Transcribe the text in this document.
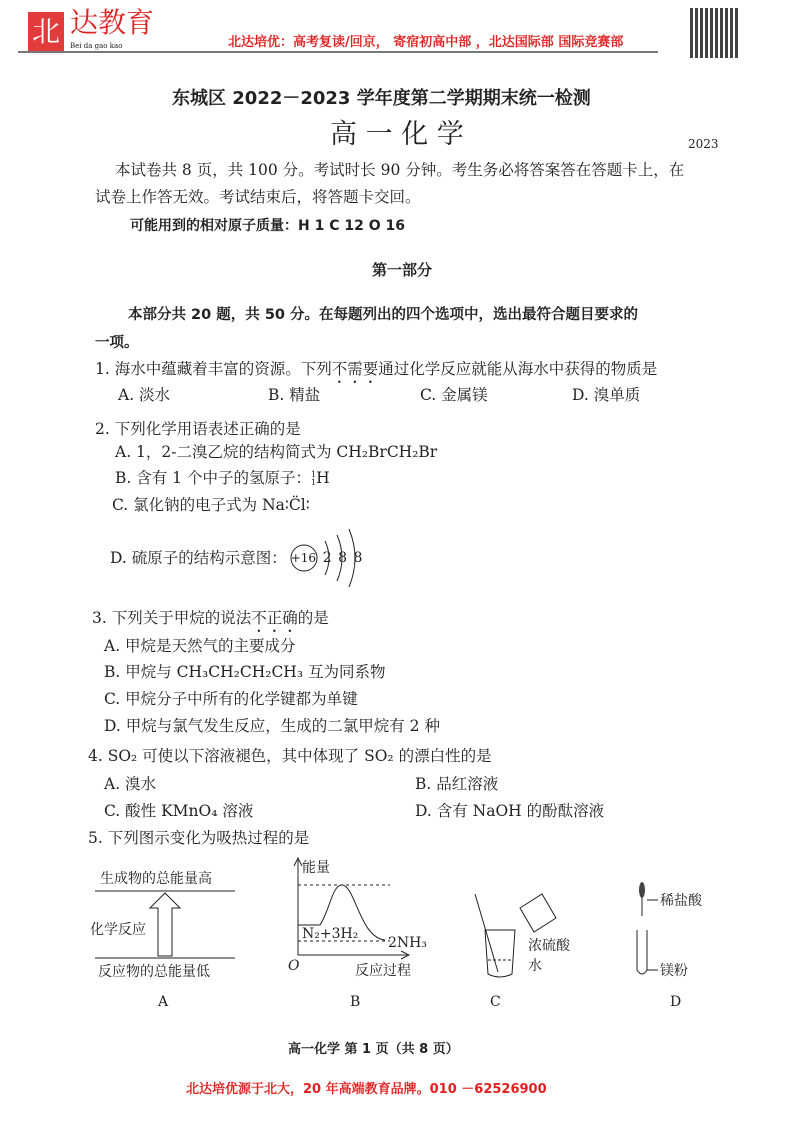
北 达教育
Bei da gao kao	北达培优：高考复读/回京， 寄宿初高中部 ，北达国际部 国际竞赛部
东城区 2022－2023 学年度第二学期期末统一检测
高 一 化 学	2023
本试卷共 8 页，共 100 分。考试时长 90 分钟。考生务必将答案答在答题卡上，在
试卷上作答无效。考试结束后，将答题卡交回。
可能用到的相对原子质量：H 1 C 12 O 16
第一部分
本部分共 20 题，共 50 分。在每题列出的四个选项中，选出最符合题目要求的
一项。
1. 海水中蕴藏着丰富的资源。下列不需要通过化学反应就能从海水中获得的物质是
A. 淡水	B. 精盐	C. 金属镁	D. 溴单质
2. 下列化学用语表述正确的是
A. 1，2-二溴乙烷的结构简式为 CH₂BrCH₂Br
B. 含有 1 个中子的氢原子：1
1H
C. 氯化钠的电子式为 Na∶C̈l∶
D. 硫原子的结构示意图： +16 2 8 8
3. 下列关于甲烷的说法不正确的是
A. 甲烷是天然气的主要成分
B. 甲烷与 CH₃CH₂CH₂CH₃ 互为同系物
C. 甲烷分子中所有的化学键都为单键
D. 甲烷与氯气发生反应，生成的二氯甲烷有 2 种
4. SO₂ 可使以下溶液褪色，其中体现了 SO₂ 的漂白性的是
A. 溴水	B. 品红溶液
C. 酸性 KMnO₄ 溶液	D. 含有 NaOH 的酚酞溶液
5. 下列图示变化为吸热过程的是
生成物的总能量高
化学反应
反应物的总能量低
A
能量
O	反应过程
N₂+3H₂
2NH₃
B
浓硫酸
水
C
稀盐酸
镁粉
D
高一化学 第 1 页（共 8 页）
北达培优源于北大，20 年高端教育品牌。010 －62526900
